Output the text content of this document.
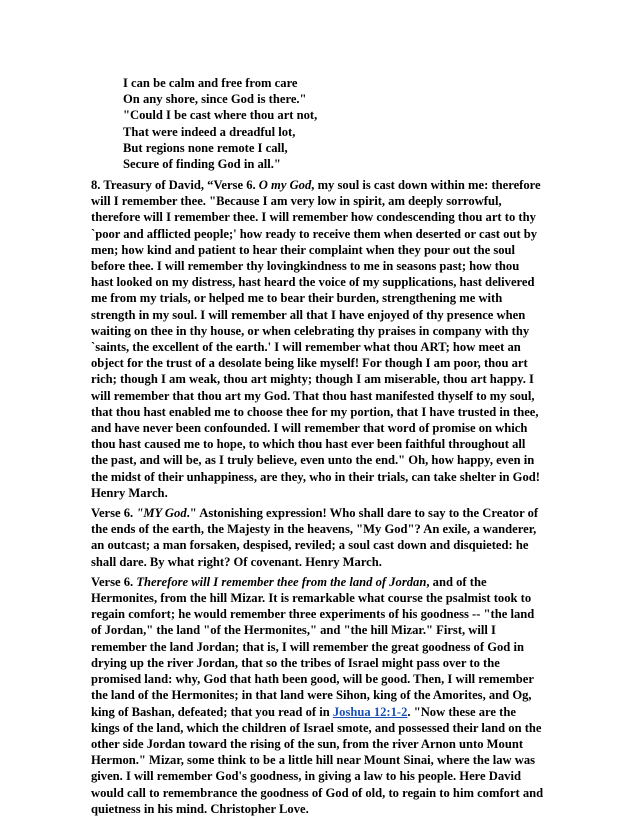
I can be calm and free from care
On any shore, since God is there."
"Could I be cast where thou art not,
That were indeed a dreadful lot,
But regions none remote I call,
Secure of finding God in all."
8. Treasury of David, “Verse 6. O my God, my soul is cast down within me: therefore
will I remember thee. "Because I am very low in spirit, am deeply sorrowful,
therefore will I remember thee. I will remember how condescending thou art to thy
`poor and afflicted people;' how ready to receive them when deserted or cast out by
men; how kind and patient to hear their complaint when they pour out the soul
before thee. I will remember thy lovingkindness to me in seasons past; how thou
hast looked on my distress, hast heard the voice of my supplications, hast delivered
me from my trials, or helped me to bear their burden, strengthening me with
strength in my soul. I will remember all that I have enjoyed of thy presence when
waiting on thee in thy house, or when celebrating thy praises in company with thy
`saints, the excellent of the earth.' I will remember what thou ART; how meet an
object for the trust of a desolate being like myself! For though I am poor, thou art
rich; though I am weak, thou art mighty; though I am miserable, thou art happy. I
will remember that thou art my God. That thou hast manifested thyself to my soul,
that thou hast enabled me to choose thee for my portion, that I have trusted in thee,
and have never been confounded. I will remember that word of promise on which
thou hast caused me to hope, to which thou hast ever been faithful throughout all
the past, and will be, as I truly believe, even unto the end." Oh, how happy, even in
the midst of their unhappiness, are they, who in their trials, can take shelter in God!
Henry March.
Verse 6. "MY God." Astonishing expression! Who shall dare to say to the Creator of
the ends of the earth, the Majesty in the heavens, "My God"? An exile, a wanderer,
an outcast; a man forsaken, despised, reviled; a soul cast down and disquieted: he
shall dare. By what right? Of covenant. Henry March.
Verse 6. Therefore will I remember thee from the land of Jordan, and of the
Hermonites, from the hill Mizar. It is remarkable what course the psalmist took to
regain comfort; he would remember three experiments of his goodness -- "the land
of Jordan," the land "of the Hermonites," and "the hill Mizar." First, will I
remember the land Jordan; that is, I will remember the great goodness of God in
drying up the river Jordan, that so the tribes of Israel might pass over to the
promised land: why, God that hath been good, will be good. Then, I will remember
the land of the Hermonites; in that land were Sihon, king of the Amorites, and Og,
king of Bashan, defeated; that you read of in Joshua 12:1-2. "Now these are the
kings of the land, which the children of Israel smote, and possessed their land on the
other side Jordan toward the rising of the sun, from the river Arnon unto Mount
Hermon." Mizar, some think to be a little hill near Mount Sinai, where the law was
given. I will remember God's goodness, in giving a law to his people. Here David
would call to remembrance the goodness of God of old, to regain to him comfort and
quietness in his mind. Christopher Love.
